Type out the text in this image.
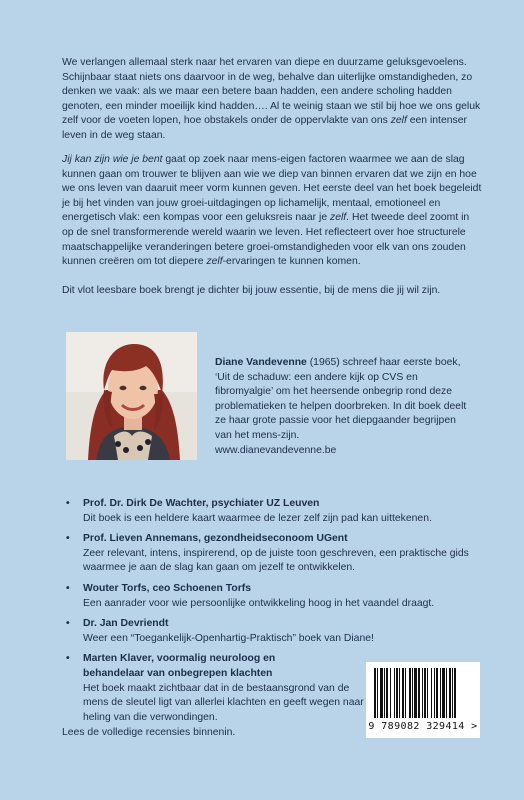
We verlangen allemaal sterk naar het ervaren van diepe en duurzame geluksgevoelens. Schijnbaar staat niets ons daarvoor in de weg, behalve dan uiterlijke omstandigheden, zo denken we vaak: als we maar een betere baan hadden, een andere scholing hadden genoten, een minder moeilijk kind hadden…. Al te weinig staan we stil bij hoe we ons geluk zelf voor de voeten lopen, hoe obstakels onder de oppervlakte van ons zelf een intenser leven in de weg staan.

Jij kan zijn wie je bent gaat op zoek naar mens-eigen factoren waarmee we aan de slag kunnen gaan om trouwer te blijven aan wie we diep van binnen ervaren dat we zijn en hoe we ons leven van daaruit meer vorm kunnen geven. Het eerste deel van het boek begeleidt je bij het vinden van jouw groei-uitdagingen op lichamelijk, mentaal, emotioneel en energetisch vlak: een kompas voor een geluksreis naar je zelf. Het tweede deel zoomt in op de snel transformerende wereld waarin we leven. Het reflecteert over hoe structurele maatschappelijke veranderingen betere groei-omstandigheden voor elk van ons zouden kunnen creëren om tot diepere zelf-ervaringen te kunnen komen.

Dit vlot leesbare boek brengt je dichter bij jouw essentie, bij de mens die jij wil zijn.

Diane Vandevenne (1965) schreef haar eerste boek, ‘Uit de schaduw: een andere kijk op CVS en fibromyalgie’ om het heersende onbegrip rond deze problematieken te helpen doorbreken. In dit boek deelt ze haar grote passie voor het diepgaander begrijpen van het mens-zijn.
www.dianevandevenne.be

• Prof. Dr. Dirk De Wachter, psychiater UZ Leuven
Dit boek is een heldere kaart waarmee de lezer zelf zijn pad kan uittekenen.
• Prof. Lieven Annemans, gezondheidseconoom UGent
Zeer relevant, intens, inspirerend, op de juiste toon geschreven, een praktische gids waarmee je aan de slag kan gaan om jezelf te ontwikkelen.
• Wouter Torfs, ceo Schoenen Torfs
Een aanrader voor wie persoonlijke ontwikkeling hoog in het vaandel draagt.
• Dr. Jan Devriendt
Weer een “Toegankelijk-Openhartig-Praktisch” boek van Diane!
• Marten Klaver, voormalig neuroloog en behandelaar van onbegrepen klachten
Het boek maakt zichtbaar dat in de bestaansgrond van de mens de sleutel ligt van allerlei klachten en geeft wegen naar heling van die verwondingen.

Lees de volledige recensies binnenin.

9 789082 329414 >
